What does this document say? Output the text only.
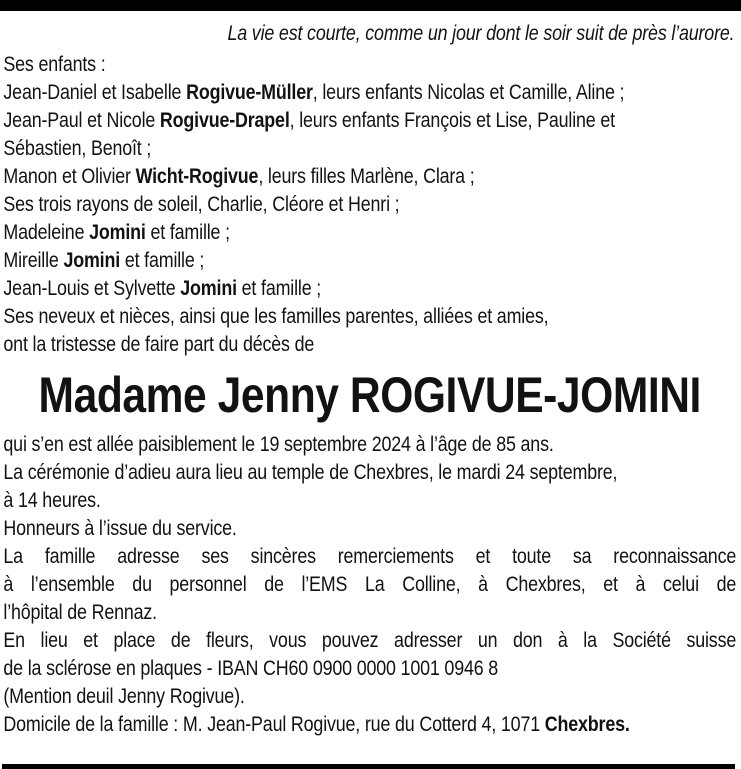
La vie est courte, comme un jour dont le soir suit de près l’aurore.
Ses enfants :
Jean-Daniel et Isabelle Rogivue-Müller, leurs enfants Nicolas et Camille, Aline ;
Jean-Paul et Nicole Rogivue-Drapel, leurs enfants François et Lise, Pauline et
Sébastien, Benoît ;
Manon et Olivier Wicht-Rogivue, leurs filles Marlène, Clara ;
Ses trois rayons de soleil, Charlie, Cléore et Henri ;
Madeleine Jomini et famille ;
Mireille Jomini et famille ;
Jean-Louis et Sylvette Jomini et famille ;
Ses neveux et nièces, ainsi que les familles parentes, alliées et amies,
ont la tristesse de faire part du décès de
Madame Jenny ROGIVUE-JOMINI
qui s’en est allée paisiblement le 19 septembre 2024 à l’âge de 85 ans.
La cérémonie d’adieu aura lieu au temple de Chexbres, le mardi 24 septembre,
à 14 heures.
Honneurs à l’issue du service.
La famille adresse ses sincères remerciements et toute sa reconnaissance
à l’ensemble du personnel de l’EMS La Colline, à Chexbres, et à celui de
l’hôpital de Rennaz.
En lieu et place de fleurs, vous pouvez adresser un don à la Société suisse
de la sclérose en plaques - IBAN CH60 0900 0000 1001 0946 8
(Mention deuil Jenny Rogivue).
Domicile de la famille : M. Jean-Paul Rogivue, rue du Cotterd 4, 1071 Chexbres.
